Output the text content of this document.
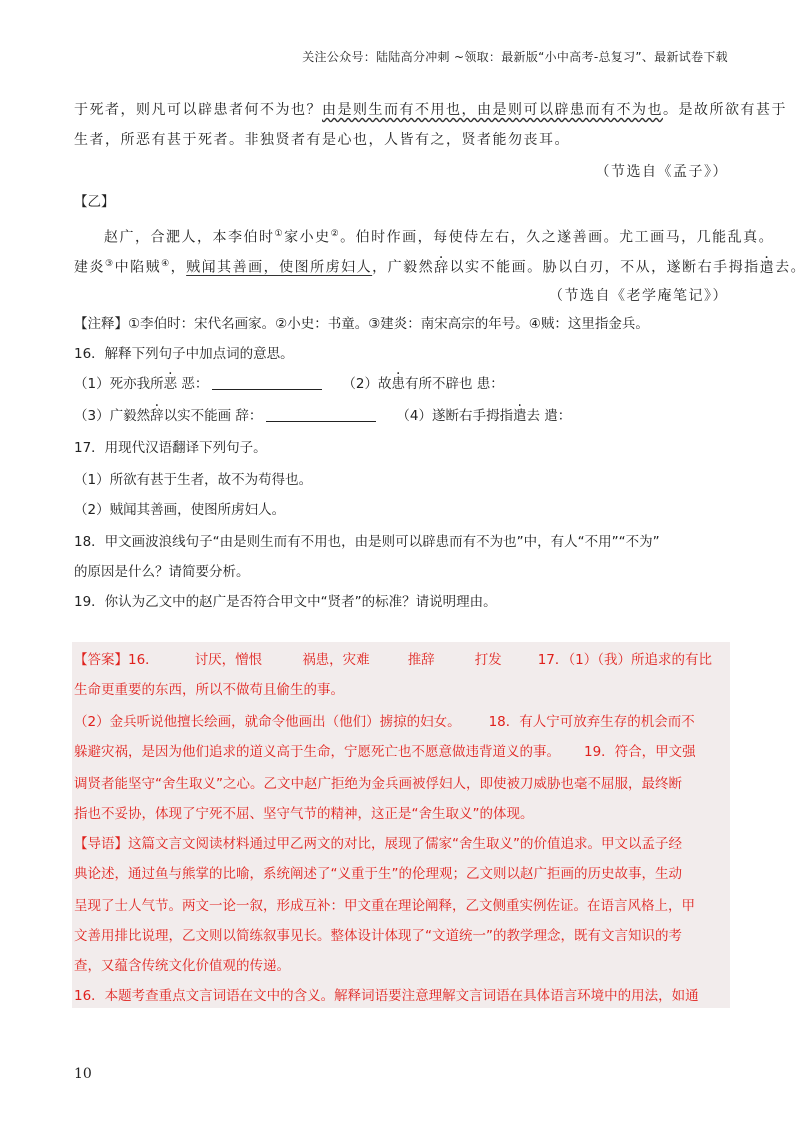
关注公众号：陆陆高分冲刺 ~领取：最新版“小中高考-总复习”、最新试卷下载
于死者，则凡可以辟患者何不为也？由是则生而有不用也，由是则可以辟患而有不为也。是故所欲有甚于
生者，所恶有甚于死者。非独贤者有是心也，人皆有之，贤者能勿丧耳。
（节选自《孟子》）
【乙】
赵广，合淝人，本李伯时①家小史②。伯时作画，每使侍左右，久之遂善画。尤工画马，几能乱真。
建炎③中陷贼④，贼闻其善画，使图所虏妇人，广毅然辞以实不能画。胁以白刃，不从，遂断右手拇指遣去。
（节选自《老学庵笔记》）
【注释】①李伯时：宋代名画家。②小史：书童。③建炎：南宋高宗的年号。④贼：这里指金兵。
16．解释下列句子中加点词的意思。
（1）死亦我所恶 恶：	（2）故患有所不辟也 患：
（3）广毅然辞以实不能画 辞：	（4）遂断右手拇指遣去 遣：
17．用现代汉语翻译下列句子。
（1）所欲有甚于生者，故不为苟得也。
（2）贼闻其善画，使图所虏妇人。
18．甲文画波浪线句子“由是则生而有不用也，由是则可以辟患而有不为也”中，有人“不用”“不为”
的原因是什么？请简要分析。
19．你认为乙文中的赵广是否符合甲文中“贤者”的标准？请说明理由。
【答案】16．	讨厌，憎恨	祸患，灾难	推辞	打发	17．（1）（我）所追求的有比
生命更重要的东西，所以不做苟且偷生的事。
（2）金兵听说他擅长绘画，就命令他画出（他们）掳掠的妇女。 18．有人宁可放弃生存的机会而不
躲避灾祸，是因为他们追求的道义高于生命，宁愿死亡也不愿意做违背道义的事。 19．符合，甲文强
调贤者能坚守“舍生取义”之心。乙文中赵广拒绝为金兵画被俘妇人，即使被刀威胁也毫不屈服，最终断
指也不妥协，体现了宁死不屈、坚守气节的精神，这正是“舍生取义”的体现。
【导语】这篇文言文阅读材料通过甲乙两文的对比，展现了儒家“舍生取义”的价值追求。甲文以孟子经
典论述，通过鱼与熊掌的比喻，系统阐述了“义重于生”的伦理观；乙文则以赵广拒画的历史故事，生动
呈现了士人气节。两文一论一叙，形成互补：甲文重在理论阐释，乙文侧重实例佐证。在语言风格上，甲
文善用排比说理，乙文则以简练叙事见长。整体设计体现了“文道统一”的教学理念，既有文言知识的考
查，又蕴含传统文化价值观的传递。
16．本题考查重点文言词语在文中的含义。解释词语要注意理解文言词语在具体语言环境中的用法，如通
10
